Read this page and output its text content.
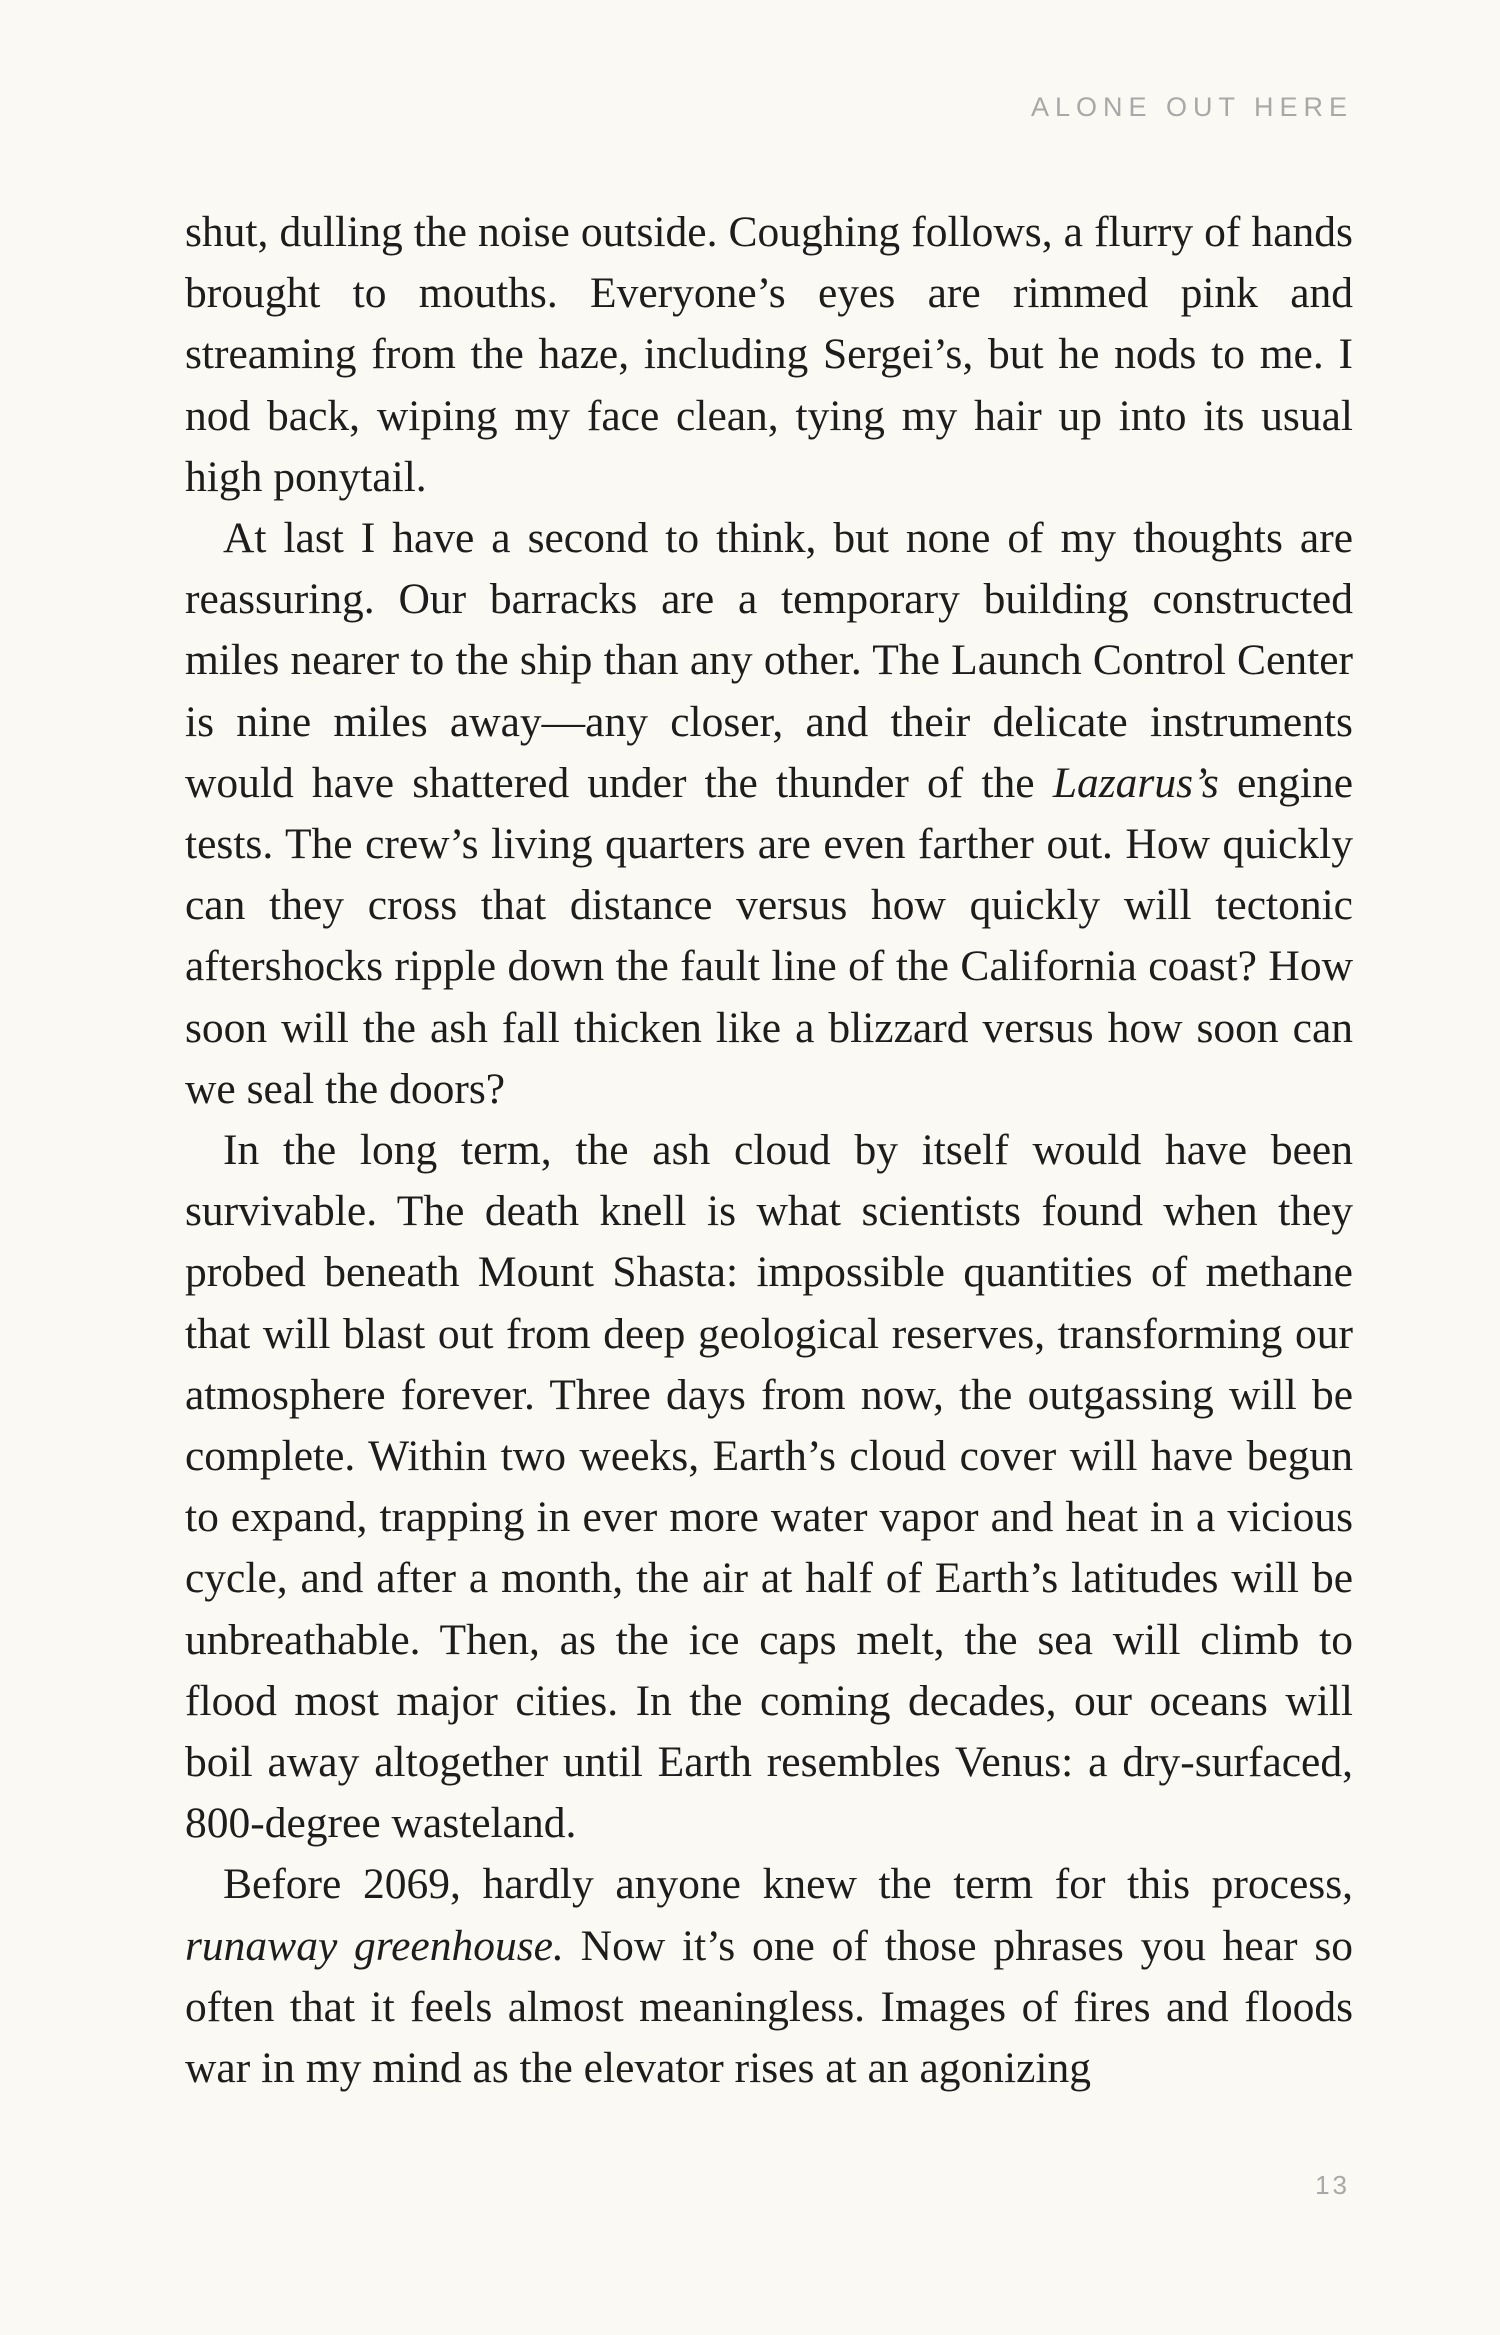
ALONE OUT HERE

shut, dulling the noise outside. Coughing follows, a flurry of hands brought to mouths. Everyone’s eyes are rimmed pink and streaming from the haze, including Sergei’s, but he nods to me. I nod back, wiping my face clean, tying my hair up into its usual high ponytail.

At last I have a second to think, but none of my thoughts are reassuring. Our barracks are a temporary building constructed miles nearer to the ship than any other. The Launch Control Center is nine miles away—any closer, and their delicate instruments would have shattered under the thunder of the Lazarus’s engine tests. The crew’s living quarters are even farther out. How quickly can they cross that distance versus how quickly will tectonic aftershocks ripple down the fault line of the California coast? How soon will the ash fall thicken like a blizzard versus how soon can we seal the doors?

In the long term, the ash cloud by itself would have been survivable. The death knell is what scientists found when they probed beneath Mount Shasta: impossible quantities of methane that will blast out from deep geological reserves, transforming our atmosphere forever. Three days from now, the outgassing will be complete. Within two weeks, Earth’s cloud cover will have begun to expand, trapping in ever more water vapor and heat in a vicious cycle, and after a month, the air at half of Earth’s latitudes will be unbreathable. Then, as the ice caps melt, the sea will climb to flood most major cities. In the coming decades, our oceans will boil away altogether until Earth resembles Venus: a dry-surfaced, 800-degree wasteland.

Before 2069, hardly anyone knew the term for this process, runaway greenhouse. Now it’s one of those phrases you hear so often that it feels almost meaningless. Images of fires and floods war in my mind as the elevator rises at an agonizing

13
